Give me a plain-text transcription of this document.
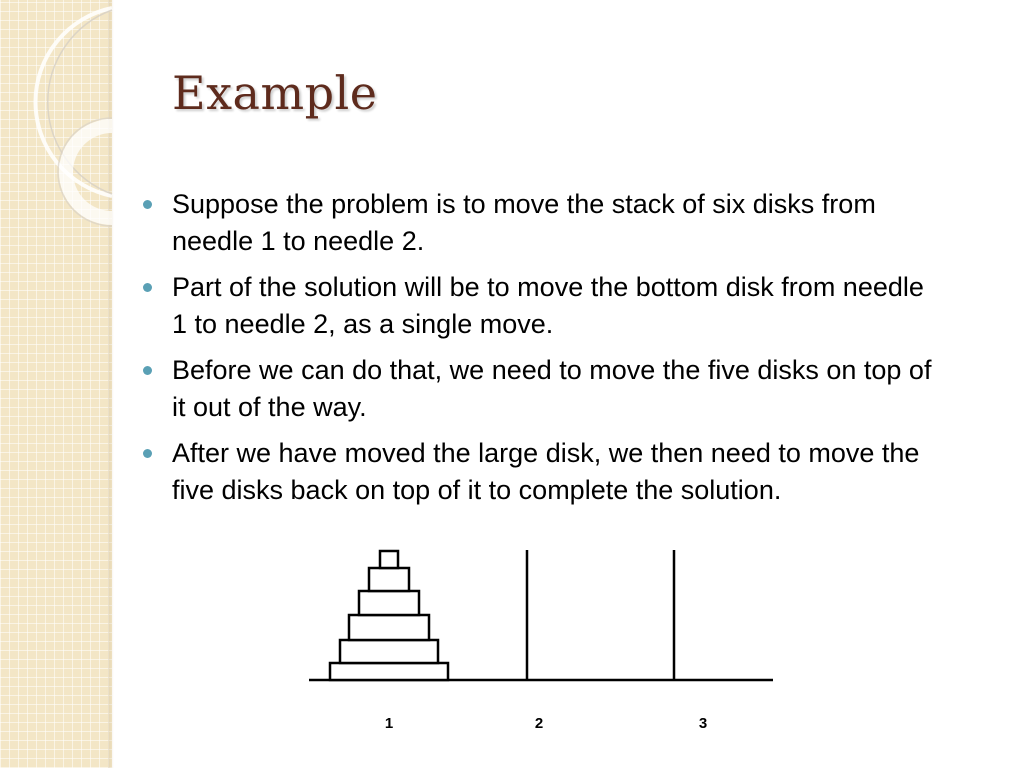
Example
Suppose the problem is to move the stack of six disks from needle 1 to needle 2.
Part of the solution will be to move the bottom disk from needle 1 to needle 2, as a single move.
Before we can do that, we need to move the five disks on top of it out of the way.
After we have moved the large disk, we then need to move the five disks back on top of it to complete the solution.
1	2	3
